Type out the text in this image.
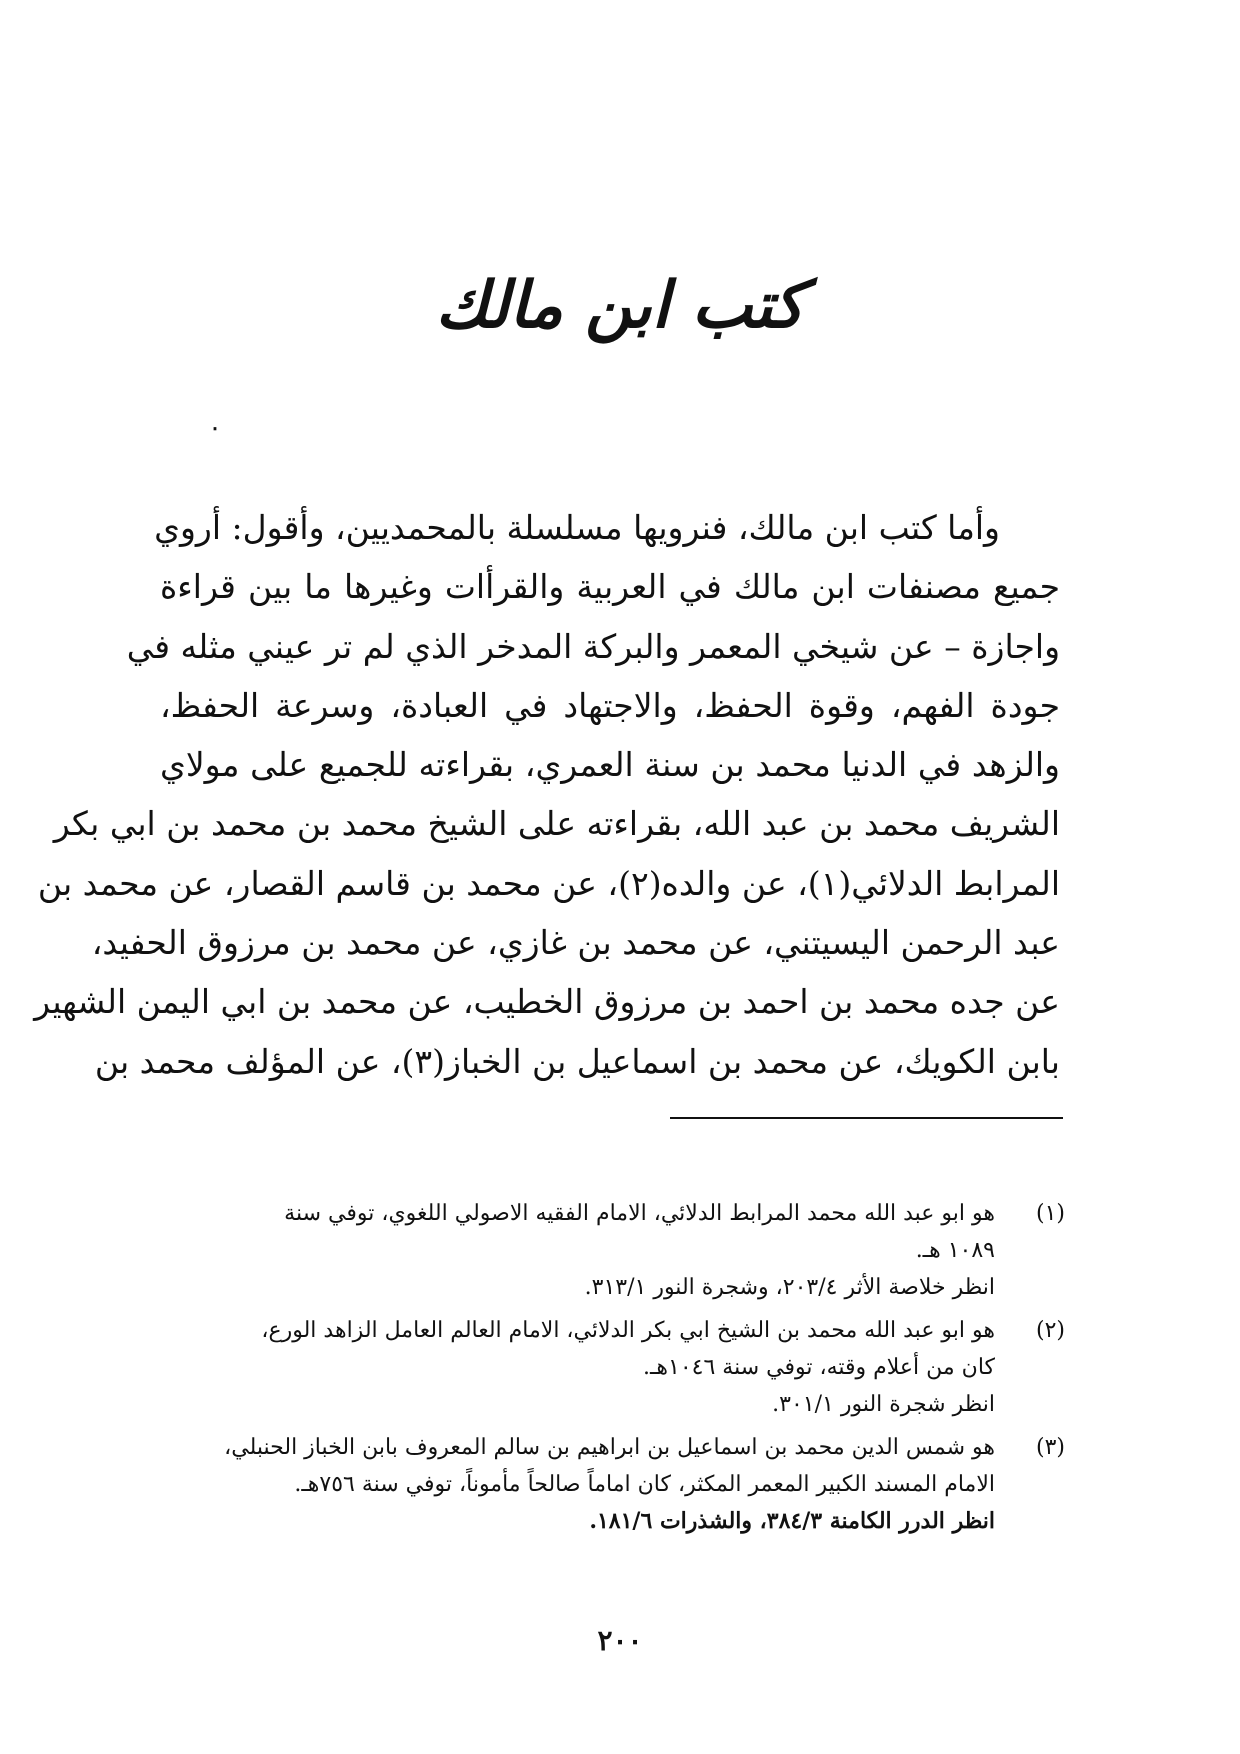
كتب ابن مالك
٠
وأما كتب ابن مالك، فنرويها مسلسلة بالمحمديين، وأقول: أروي
جميع مصنفات ابن مالك في العربية والقرأات وغيرها ما بين قراءة
واجازة – عن شيخي المعمر والبركة المدخر الذي لم تر عيني مثله في
جودة الفهم، وقوة الحفظ، والاجتهاد في العبادة، وسرعة الحفظ،
والزهد في الدنيا محمد بن سنة العمري، بقراءته للجميع على مولاي
الشريف محمد بن عبد الله، بقراءته على الشيخ محمد بن محمد بن ابي بكر
المرابط الدلائي(١)، عن والده(٢)، عن محمد بن قاسم القصار، عن محمد بن
عبد الرحمن اليسيتني، عن محمد بن غازي، عن محمد بن مرزوق الحفيد،
عن جده محمد بن احمد بن مرزوق الخطيب، عن محمد بن ابي اليمن الشهير
بابن الكويك، عن محمد بن اسماعيل بن الخباز(٣)، عن المؤلف محمد بن
(١)
هو ابو عبد الله محمد المرابط الدلائي، الامام الفقيه الاصولي اللغوي، توفي سنة
١٠٨٩ هـ.
انظر خلاصة الأثر ٢٠٣/٤، وشجرة النور ٣١٣/١.
(٢)
هو ابو عبد الله محمد بن الشيخ ابي بكر الدلائي، الامام العالم العامل الزاهد الورع،
كان من أعلام وقته، توفي سنة ١٠٤٦هـ.
انظر شجرة النور ٣٠١/١.
(٣)
هو شمس الدين محمد بن اسماعيل بن ابراهيم بن سالم المعروف بابن الخباز الحنبلي،
الامام المسند الكبير المعمر المكثر، كان اماماً صالحاً مأموناً، توفي سنة ٧٥٦هـ.
انظر الدرر الكامنة ٣٨٤/٣، والشذرات ١٨١/٦.
٢٠٠
